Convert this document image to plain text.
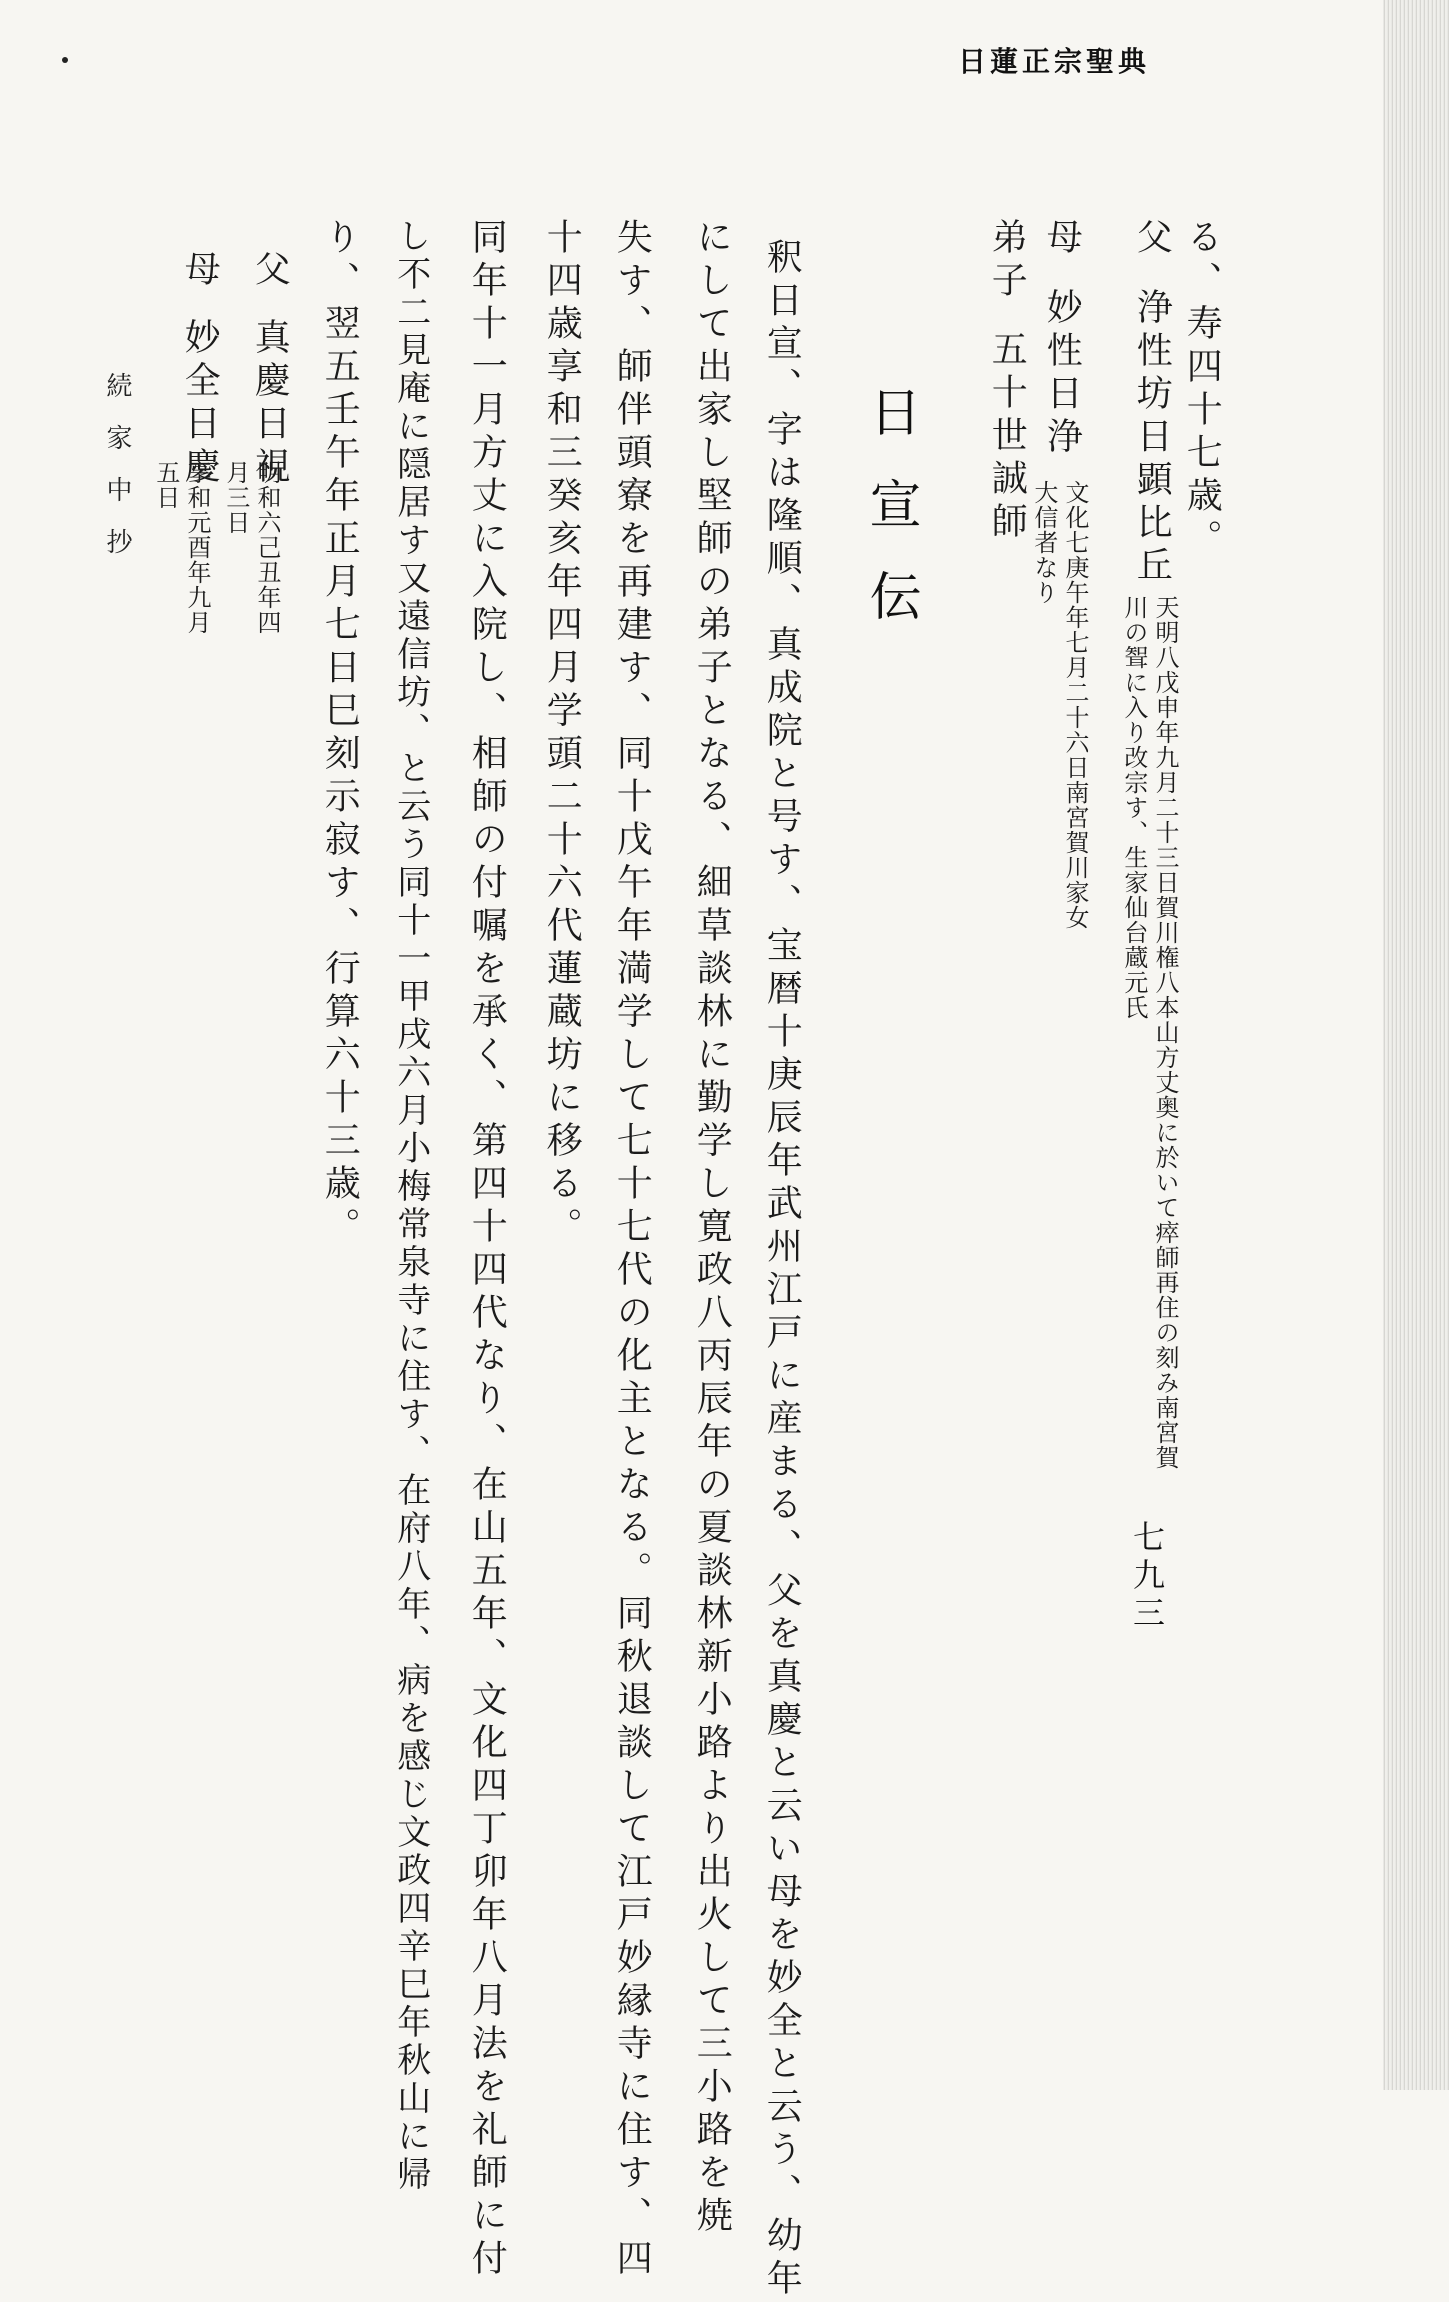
日蓮正宗聖典
る、寿四十七歳。
父
浄性坊日顕比丘
天明八戊申年九月二十三日賀川権八本山方丈奥に於いて瘁師再住の刻み南宮賀川の聟に入り改宗す、生家仙台蔵元氏
母
妙性日浄
文化七庚午年七月二十六日南宮賀川家女大信者なり
弟子
五十世誠師
日宣伝
釈日宣、字は隆順、真成院と号す、宝暦十庚辰年武州江戸に産まる、父を真慶と云い母を妙全と云う、幼年
にして出家し堅師の弟子となる、細草談林に勤学し寛政八丙辰年の夏談林新小路より出火して三小路を焼
失す、師伴頭寮を再建す、同十戊午年満学して七十七代の化主となる。同秋退談して江戸妙縁寺に住す、四
十四歳享和三癸亥年四月学頭二十六代蓮蔵坊に移る。
同年十一月方丈に入院し、相師の付嘱を承く、第四十四代なり、在山五年、文化四丁卯年八月法を礼師に付
し不二見庵に隠居す又遠信坊、と云う同十一甲戌六月小梅常泉寺に住す、在府八年、病を感じ文政四辛巳年秋山に帰
り、翌五壬午年正月七日巳刻示寂す、行算六十三歳。
父
真慶日視
明和六己丑年四月三日
母
妙全日慶
享和元酉年九月五日
続家中抄
七九三
